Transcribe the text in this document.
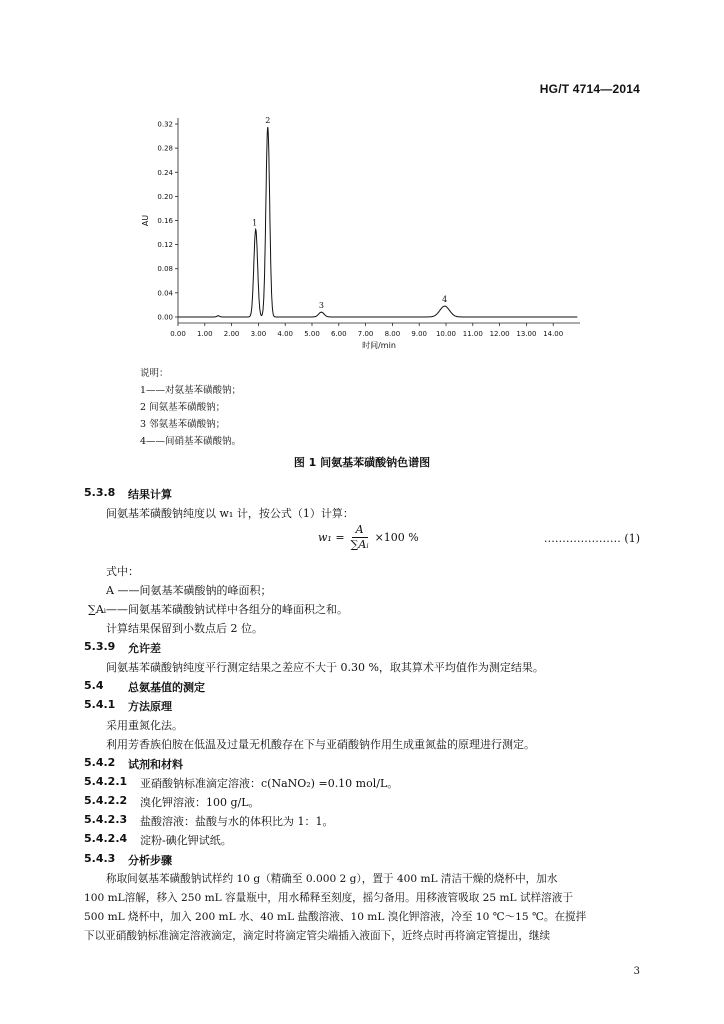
HG/T 4714—2014
0.00
0.04
0.08
0.12
0.16
0.20
0.24
0.28
0.32
0.00 1.00 2.00 3.00 4.00 5.00 6.00 7.00 8.00 9.00 10.00 11.00 12.00 13.00 14.00
时间/min
AU	1
2
3
4
说明：
1——对氨基苯磺酸钠；
2 间氨基苯磺酸钠；
3 邻氨基苯磺酸钠；
4——间硝基苯磺酸钠。
图 1 间氨基苯磺酸钠色谱图
5.3.8 结果计算
间氨基苯磺酸钠纯度以 w₁ 计，按公式（1）计算：
$w_1 = \frac{A}{\text{∑Aᵢ}} \times 100$ %	………………… (1)
式中：
A ——间氨基苯磺酸钠的峰面积；
∑Aᵢ——间氨基苯磺酸钠试样中各组分的峰面积之和。
计算结果保留到小数点后 2 位。
5.3.9 允许差
间氨基苯磺酸钠纯度平行测定结果之差应不大于 0.30 %，取其算术平均值作为测定结果。
5.4 总氨基值的测定
5.4.1 方法原理
采用重氮化法。
利用芳香族伯胺在低温及过量无机酸存在下与亚硝酸钠作用生成重氮盐的原理进行测定。
5.4.2 试剂和材料
5.4.2.1 亚硝酸钠标准滴定溶液：c(NaNO₂) =0.10 mol/L。
5.4.2.2 溴化钾溶液：100 g/L。
5.4.2.3 盐酸溶液：盐酸与水的体积比为 1：1。
5.4.2.4 淀粉-碘化钾试纸。
5.4.3 分析步骤
称取间氨基苯磺酸钠试样约 10 g（精确至 0.000 2 g），置于 400 mL 清洁干燥的烧杯中，加水
100 mL溶解，移入 250 mL 容量瓶中，用水稀释至刻度，摇匀备用。用移液管吸取 25 mL 试样溶液于
500 mL 烧杯中，加入 200 mL 水、40 mL 盐酸溶液、10 mL 溴化钾溶液，冷至 10 ℃～15 ℃。在搅拌
下以亚硝酸钠标准滴定溶液滴定，滴定时将滴定管尖端插入液面下，近终点时再将滴定管提出，继续
3
